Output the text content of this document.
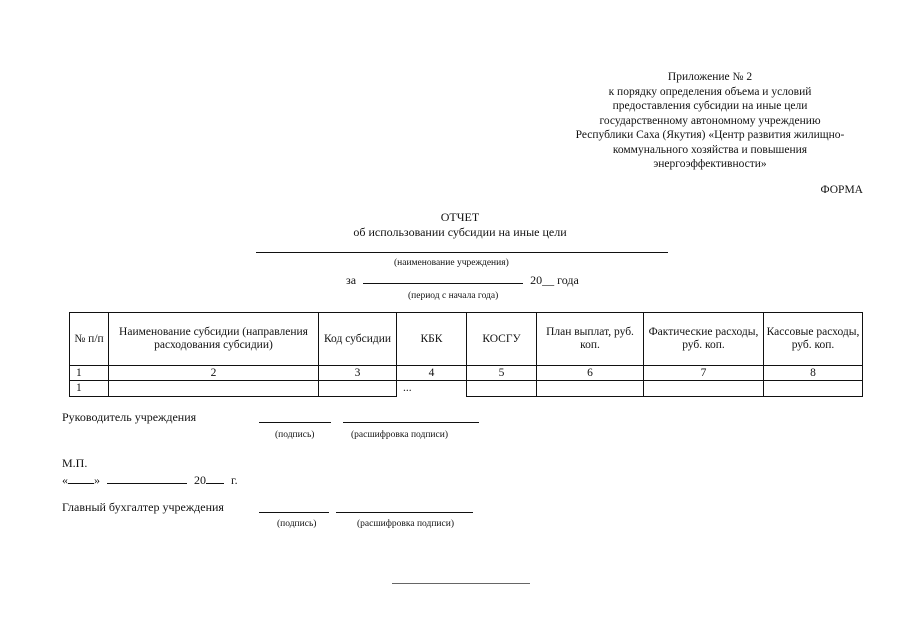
Приложение № 2
к порядку определения объема и условий
предоставления субсидии на иные цели
государственному автономному учреждению
Республики Саха (Якутия) «Центр развития жилищно-
коммунального хозяйства и повышения
энергоэффективности»
ФОРМА
ОТЧЕТ
об использовании субсидии на иные цели
(наименование учреждения)
за	20__ года
(период с начала года)
№ п/п	Наименование субсидии (направления расходования субсидии)	Код субсидии	КБК	КОСГУ	План выплат, руб. коп.	Фактические расходы, руб. коп.	Кассовые расходы, руб. коп.
1	2	3	4	5	6	7	8
1			...				
Руководитель учреждения
(подпись)	(расшифровка подписи)
М.П.
« »	20 г.
Главный бухгалтер учреждения
(подпись)	(расшифровка подписи)
